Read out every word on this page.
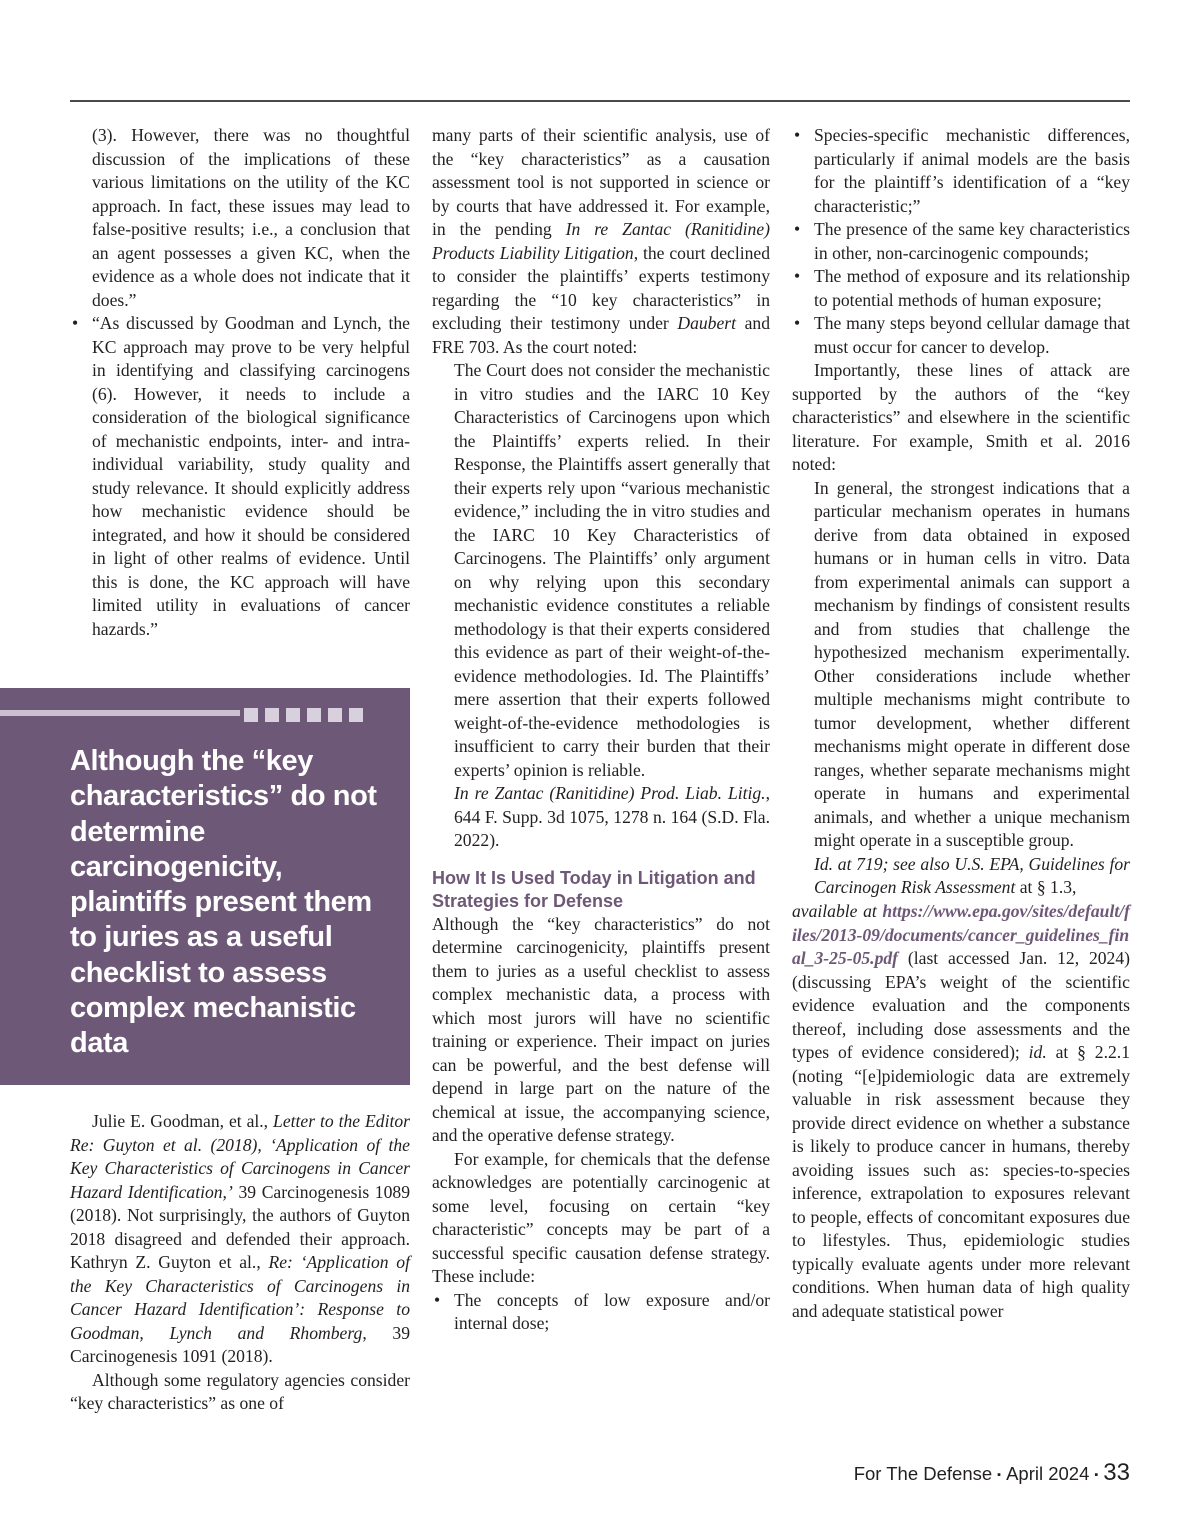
(3). However, there was no thoughtful discussion of the implications of these various limitations on the utility of the KC approach. In fact, these issues may lead to false-positive results; i.e., a conclusion that an agent possesses a given KC, when the evidence as a whole does not indicate that it does.”

• “As discussed by Goodman and Lynch, the KC approach may prove to be very helpful in identifying and classifying carcinogens (6). However, it needs to include a consideration of the biological significance of mechanistic endpoints, inter- and intra-individual variability, study quality and study relevance. It should explicitly address how mechanistic evidence should be integrated, and how it should be considered in light of other realms of evidence. Until this is done, the KC approach will have limited utility in evaluations of cancer hazards.”
Although the “key characteristics” do not determine carcinogenicity, plaintiffs present them to juries as a useful checklist to assess complex mechanistic data

Julie E. Goodman, et al., Letter to the Editor Re: Guyton et al. (2018), ‘Application of the Key Characteristics of Carcinogens in Cancer Hazard Identification,’ 39 Carcinogenesis 1089 (2018). Not surprisingly, the authors of Guyton 2018 disagreed and defended their approach. Kathryn Z. Guyton et al., Re: ‘Application of the Key Characteristics of Carcinogens in Cancer Hazard Identification’: Response to Goodman, Lynch and Rhomberg, 39 Carcinogenesis 1091 (2018).

Although some regulatory agencies consider “key characteristics” as one of

many parts of their scientific analysis, use of the “key characteristics” as a causation assessment tool is not supported in science or by courts that have addressed it. For example, in the pending In re Zantac (Ranitidine) Products Liability Litigation, the court declined to consider the plaintiffs’ experts testimony regarding the “10 key characteristics” in excluding their testimony under Daubert and FRE 703. As the court noted:

The Court does not consider the mechanistic in vitro studies and the IARC 10 Key Characteristics of Carcinogens upon which the Plaintiffs’ experts relied. In their Response, the Plaintiffs assert generally that their experts rely upon “various mechanistic evidence,” including the in vitro studies and the IARC 10 Key Characteristics of Carcinogens. The Plaintiffs’ only argument on why relying upon this secondary mechanistic evidence constitutes a reliable methodology is that their experts considered this evidence as part of their weight-of-the-evidence methodologies. Id. The Plaintiffs’ mere assertion that their experts followed weight-of-the-evidence methodologies is insufficient to carry their burden that their experts’ opinion is reliable.

In re Zantac (Ranitidine) Prod. Liab. Litig., 644 F. Supp. 3d 1075, 1278 n. 164 (S.D. Fla. 2022).

How It Is Used Today in Litigation and Strategies for Defense

Although the “key characteristics” do not determine carcinogenicity, plaintiffs present them to juries as a useful checklist to assess complex mechanistic data, a process with which most jurors will have no scientific training or experience. Their impact on juries can be powerful, and the best defense will depend in large part on the nature of the chemical at issue, the accompanying science, and the operative defense strategy.

For example, for chemicals that the defense acknowledges are potentially carcinogenic at some level, focusing on certain “key characteristic” concepts may be part of a successful specific causation defense strategy. These include:

• The concepts of low exposure and/or internal dose;
• Species-specific mechanistic differences, particularly if animal models are the basis for the plaintiff’s identification of a “key characteristic;”
• The presence of the same key characteristics in other, non-carcinogenic compounds;
• The method of exposure and its relationship to potential methods of human exposure;
• The many steps beyond cellular damage that must occur for cancer to develop.

Importantly, these lines of attack are supported by the authors of the “key characteristics” and elsewhere in the scientific literature. For example, Smith et al. 2016 noted:

In general, the strongest indications that a particular mechanism operates in humans derive from data obtained in exposed humans or in human cells in vitro. Data from experimental animals can support a mechanism by findings of consistent results and from studies that challenge the hypothesized mechanism experimentally. Other considerations include whether multiple mechanisms might contribute to tumor development, whether different mechanisms might operate in different dose ranges, whether separate mechanisms might operate in humans and experimental animals, and whether a unique mechanism might operate in a susceptible group.

Id. at 719; see also U.S. EPA, Guidelines for Carcinogen Risk Assessment at § 1.3,

available at https://www.epa.gov/sites/default/files/2013-09/documents/cancer_guidelines_final_3-25-05.pdf (last accessed Jan. 12, 2024) (discussing EPA’s weight of the scientific evidence evaluation and the components thereof, including dose assessments and the types of evidence considered); id. at § 2.2.1 (noting “[e]pidemiologic data are extremely valuable in risk assessment because they provide direct evidence on whether a substance is likely to produce cancer in humans, thereby avoiding issues such as: species-to-species inference, extrapolation to exposures relevant to people, effects of concomitant exposures due to lifestyles. Thus, epidemiologic studies typically evaluate agents under more relevant conditions. When human data of high quality and adequate statistical power

For The Defense ▪ April 2024 ▪ 33
